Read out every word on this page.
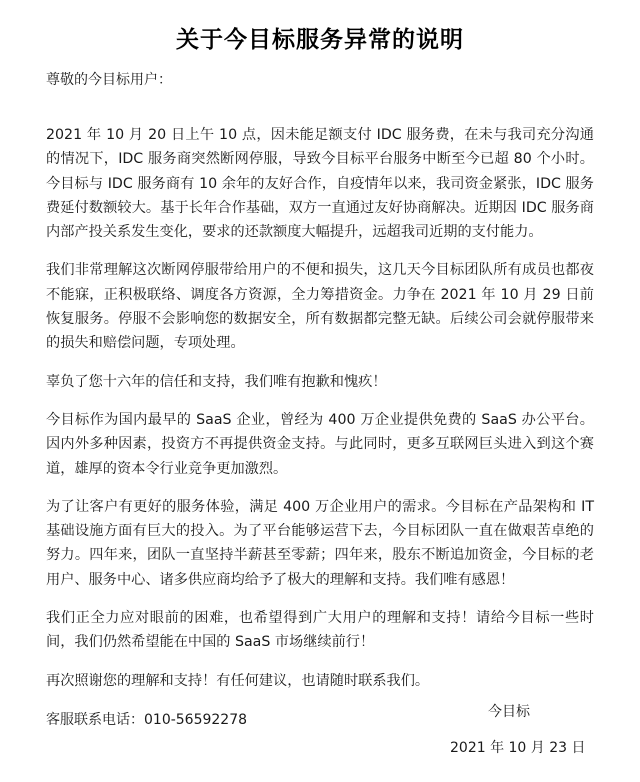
关于今目标服务异常的说明

尊敬的今目标用户：

2021 年 10 月 20 日上午 10 点，因未能足额支付 IDC 服务费，在未与我司充分沟通的情况下，IDC 服务商突然断网停服，导致今目标平台服务中断至今已超 80 个小时。今目标与 IDC 服务商有 10 余年的友好合作，自疫情年以来，我司资金紧张，IDC 服务费延付数额较大。基于长年合作基础，双方一直通过友好协商解决。近期因 IDC 服务商内部产投关系发生变化，要求的还款额度大幅提升，远超我司近期的支付能力。

我们非常理解这次断网停服带给用户的不便和损失，这几天今目标团队所有成员也都夜不能寐，正积极联络、调度各方资源，全力筹措资金。力争在 2021 年 10 月 29 日前恢复服务。停服不会影响您的数据安全，所有数据都完整无缺。后续公司会就停服带来的损失和赔偿问题，专项处理。

辜负了您十六年的信任和支持，我们唯有抱歉和愧疚！

今目标作为国内最早的 SaaS 企业，曾经为 400 万企业提供免费的 SaaS 办公平台。因内外多种因素，投资方不再提供资金支持。与此同时，更多互联网巨头进入到这个赛道，雄厚的资本令行业竞争更加激烈。

为了让客户有更好的服务体验，满足 400 万企业用户的需求。今目标在产品架构和 IT 基础设施方面有巨大的投入。为了平台能够运营下去，今目标团队一直在做艰苦卓绝的努力。四年来，团队一直坚持半薪甚至零薪；四年来，股东不断追加资金，今目标的老用户、服务中心、诸多供应商均给予了极大的理解和支持。我们唯有感恩！

我们正全力应对眼前的困难，也希望得到广大用户的理解和支持！请给今目标一些时间，我们仍然希望能在中国的 SaaS 市场继续前行！

再次照谢您的理解和支持！有任何建议，也请随时联系我们。

客服联系电话：010-56592278	今目标
2021 年 10 月 23 日
